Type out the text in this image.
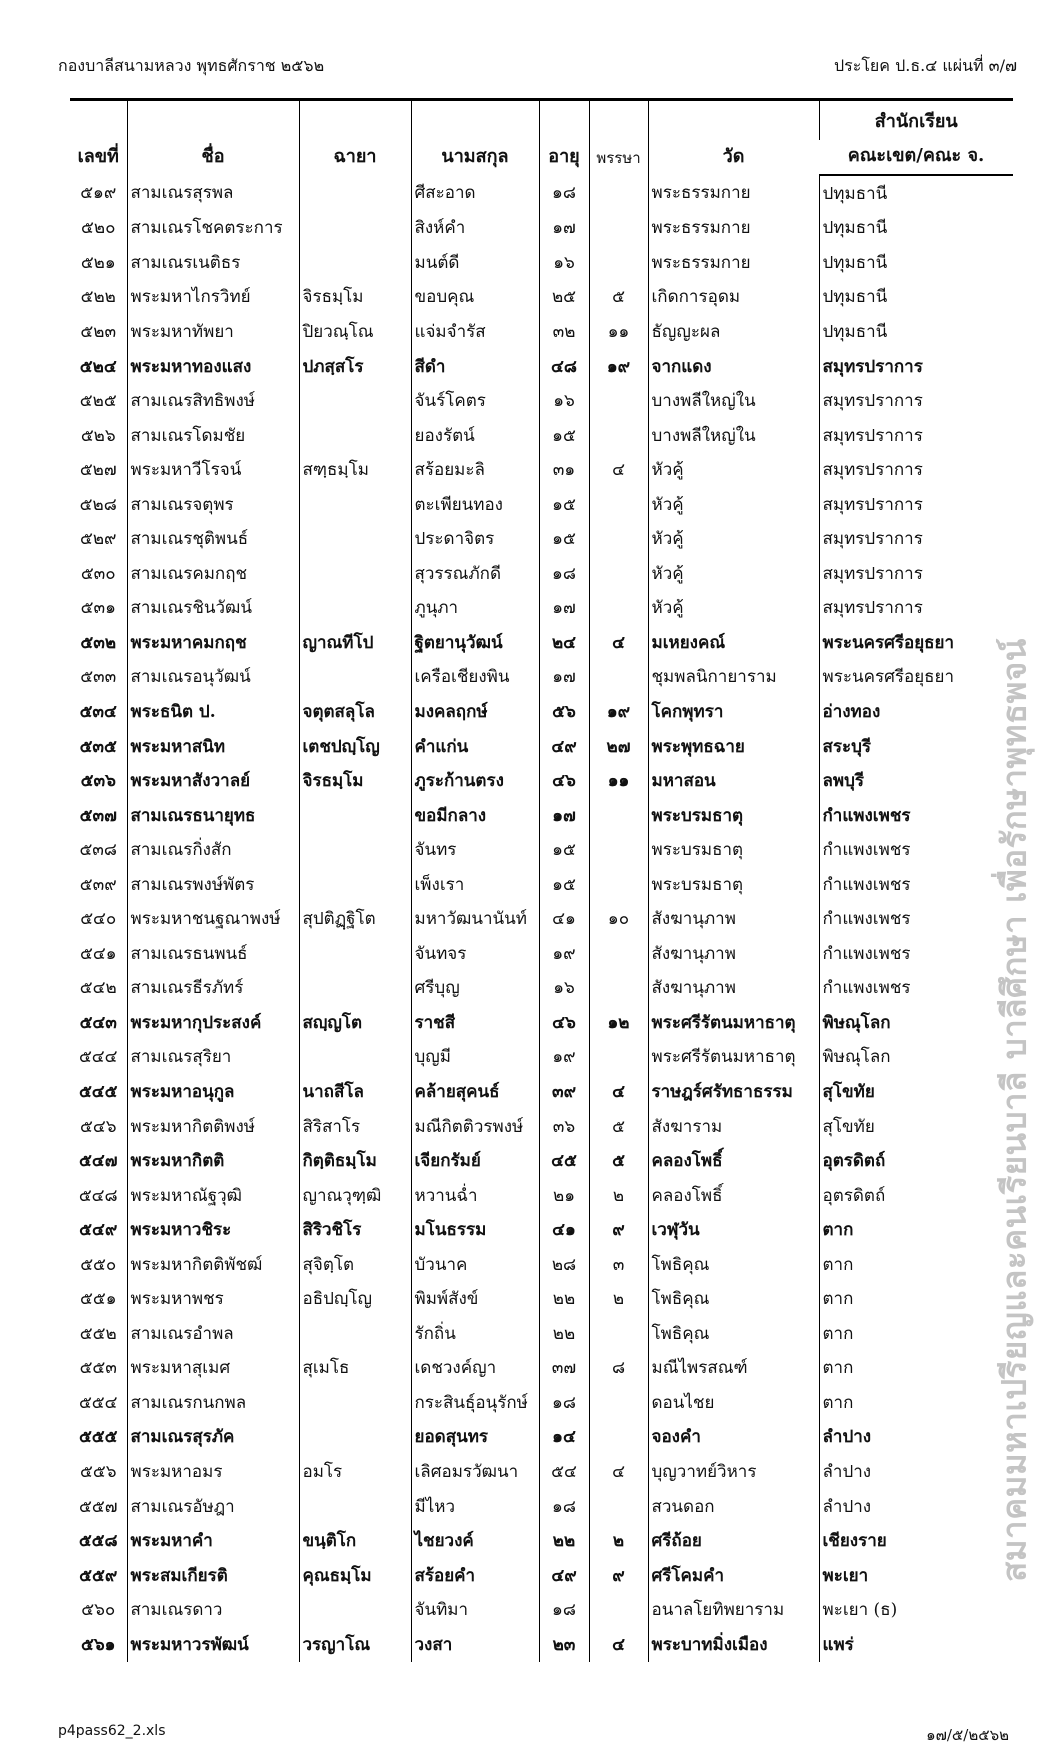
กองบาลีสนามหลวง พุทธศักราช ๒๕๖๒	ประโยค ป.ธ.๔ แผ่นที่ ๓/๗
สมาคมมหาเปรียญและคนเรียนบาลี บาลีศึกษา เพื่อรักษาพุทธพจน์
เลขที่	ชื่อ	ฉายา	นามสกุล	อายุ	พรรษา	วัด	สำนักเรียน
							คณะเขต/คณะ จ.
๕๑๙	สามเณรสุรพล		ศีสะอาด	๑๘		พระธรรมกาย	ปทุมธานี
๕๒๐	สามเณรโชคตระการ		สิงห์คำ	๑๗		พระธรรมกาย	ปทุมธานี
๕๒๑	สามเณรเนติธร		มนต์ดี	๑๖		พระธรรมกาย	ปทุมธานี
๕๒๒	พระมหาไกรวิทย์	จิรธมฺโม	ขอบคุณ	๒๕	๕	เกิดการอุดม	ปทุมธานี
๕๒๓	พระมหาทัพยา	ปิยวณฺโณ	แจ่มจำรัส	๓๒	๑๑	ธัญญะผล	ปทุมธานี
๕๒๔	พระมหาทองแสง	ปภสฺสโร	สีดำ	๔๘	๑๙	จากแดง	สมุทรปราการ
๕๒๕	สามเณรสิทธิพงษ์		จันร์โคตร	๑๖		บางพลีใหญ่ใน	สมุทรปราการ
๕๒๖	สามเณรโดมชัย		ยองรัตน์	๑๕		บางพลีใหญ่ใน	สมุทรปราการ
๕๒๗	พระมหาวีโรจน์	สฑฺธมฺโม	สร้อยมะลิ	๓๑	๔	หัวคู้	สมุทรปราการ
๕๒๘	สามเณรจตุพร		ตะเพียนทอง	๑๕		หัวคู้	สมุทรปราการ
๕๒๙	สามเณรชุติพนธ์		ประดาจิตร	๑๕		หัวคู้	สมุทรปราการ
๕๓๐	สามเณรคมกฤช		สุวรรณภักดี	๑๘		หัวคู้	สมุทรปราการ
๕๓๑	สามเณรชินวัฒน์		ภูนุภา	๑๗		หัวคู้	สมุทรปราการ
๕๓๒	พระมหาคมกฤช	ญาณทีโป	ฐิตยานุวัฒน์	๒๔	๔	มเหยงคณ์	พระนครศรีอยุธยา
๕๓๓	สามเณรอนุวัฒน์		เครือเชียงพิน	๑๗		ชุมพลนิกายาราม	พระนครศรีอยุธยา
๕๓๔	พระธนิต ป.	จตุตสลุโล	มงคลฤกษ์	๕๖	๑๙	โคกพุทรา	อ่างทอง
๕๓๕	พระมหาสนิท	เตชปญฺโญ	คำแก่น	๔๙	๒๗	พระพุทธฉาย	สระบุรี
๕๓๖	พระมหาสังวาลย์	จิรธมฺโม	ภูระก้านตรง	๔๖	๑๑	มหาสอน	ลพบุรี
๕๓๗	สามเณรธนายุทธ		ขอมีกลาง	๑๗		พระบรมธาตุ	กำแพงเพชร
๕๓๘	สามเณรกิ่งสัก		จันทร	๑๕		พระบรมธาตุ	กำแพงเพชร
๕๓๙	สามเณรพงษ์พัตร		เพ็งเรา	๑๕		พระบรมธาตุ	กำแพงเพชร
๕๔๐	พระมหาชนฐณาพงษ์	สุปติฏฺฐิโต	มหาวัฒนานันท์	๔๑	๑๐	สังฆานุภาพ	กำแพงเพชร
๕๔๑	สามเณรธนพนธ์		จันทจร	๑๙		สังฆานุภาพ	กำแพงเพชร
๕๔๒	สามเณรธีรภัทร์		ศรีบุญ	๑๖		สังฆานุภาพ	กำแพงเพชร
๕๔๓	พระมหากุประสงค์	สญฺญโต	ราชสี	๔๖	๑๒	พระศรีรัตนมหาธาตุ	พิษณุโลก
๕๔๔	สามเณรสุริยา		บุญมี	๑๙		พระศรีรัตนมหาธาตุ	พิษณุโลก
๕๔๕	พระมหาอนุกูล	นาถสีโล	คล้ายสุคนธ์	๓๙	๔	ราษฎร์ศรัทธาธรรม	สุโขทัย
๕๔๖	พระมหากิตติพงษ์	สิริสาโร	มณีกิตติวรพงษ์	๓๖	๕	สังฆาราม	สุโขทัย
๕๔๗	พระมหากิตติ	กิตฺติธมฺโม	เจียกรัมย์	๔๕	๕	คลองโพธิ์	อุตรดิตถ์
๕๔๘	พระมหาณัฐวุฒิ	ญาณวุฑฺฒิ	หวานฉ่ำ	๒๑	๒	คลองโพธิ์	อุตรดิตถ์
๕๔๙	พระมหาวชิระ	สิริวชิโร	มโนธรรม	๔๑	๙	เวฬุวัน	ตาก
๕๕๐	พระมหากิตติพัชฒ์	สุจิตฺโต	บัวนาค	๒๘	๓	โพธิคุณ	ตาก
๕๕๑	พระมหาพชร	อธิปญฺโญ	พิมพ์สังข์	๒๒	๒	โพธิคุณ	ตาก
๕๕๒	สามเณรอำพล		รักถิ่น	๒๒		โพธิคุณ	ตาก
๕๕๓	พระมหาสุเมศ	สุเมโธ	เดชวงค์ญา	๓๗	๘	มณีไพรสณฑ์	ตาก
๕๕๔	สามเณรกนกพล		กระสินธุ์อนุรักษ์	๑๘		ดอนไชย	ตาก
๕๕๕	สามเณรสุรภัค		ยอดสุนทร	๑๔		จองคำ	ลำปาง
๕๕๖	พระมหาอมร	อมโร	เลิศอมรวัฒนา	๕๔	๔	บุญวาทย์วิหาร	ลำปาง
๕๕๗	สามเณรอัษฎา		มีไหว	๑๘		สวนดอก	ลำปาง
๕๕๘	พระมหาคำ	ขนฺติโก	ไชยวงค์	๒๒	๒	ศรีถ้อย	เชียงราย
๕๕๙	พระสมเกียรติ	คุณธมฺโม	สร้อยคำ	๔๙	๙	ศรีโคมคำ	พะเยา
๕๖๐	สามเณรดาว		จันทิมา	๑๘		อนาลโยทิพยาราม	พะเยา (ธ)
๕๖๑	พระมหาวรพัฒน์	วรญาโณ	วงสา	๒๓	๔	พระบาทมิ่งเมือง	แพร่
p4pass62_2.xls	๑๗/๕/๒๕๖๒
